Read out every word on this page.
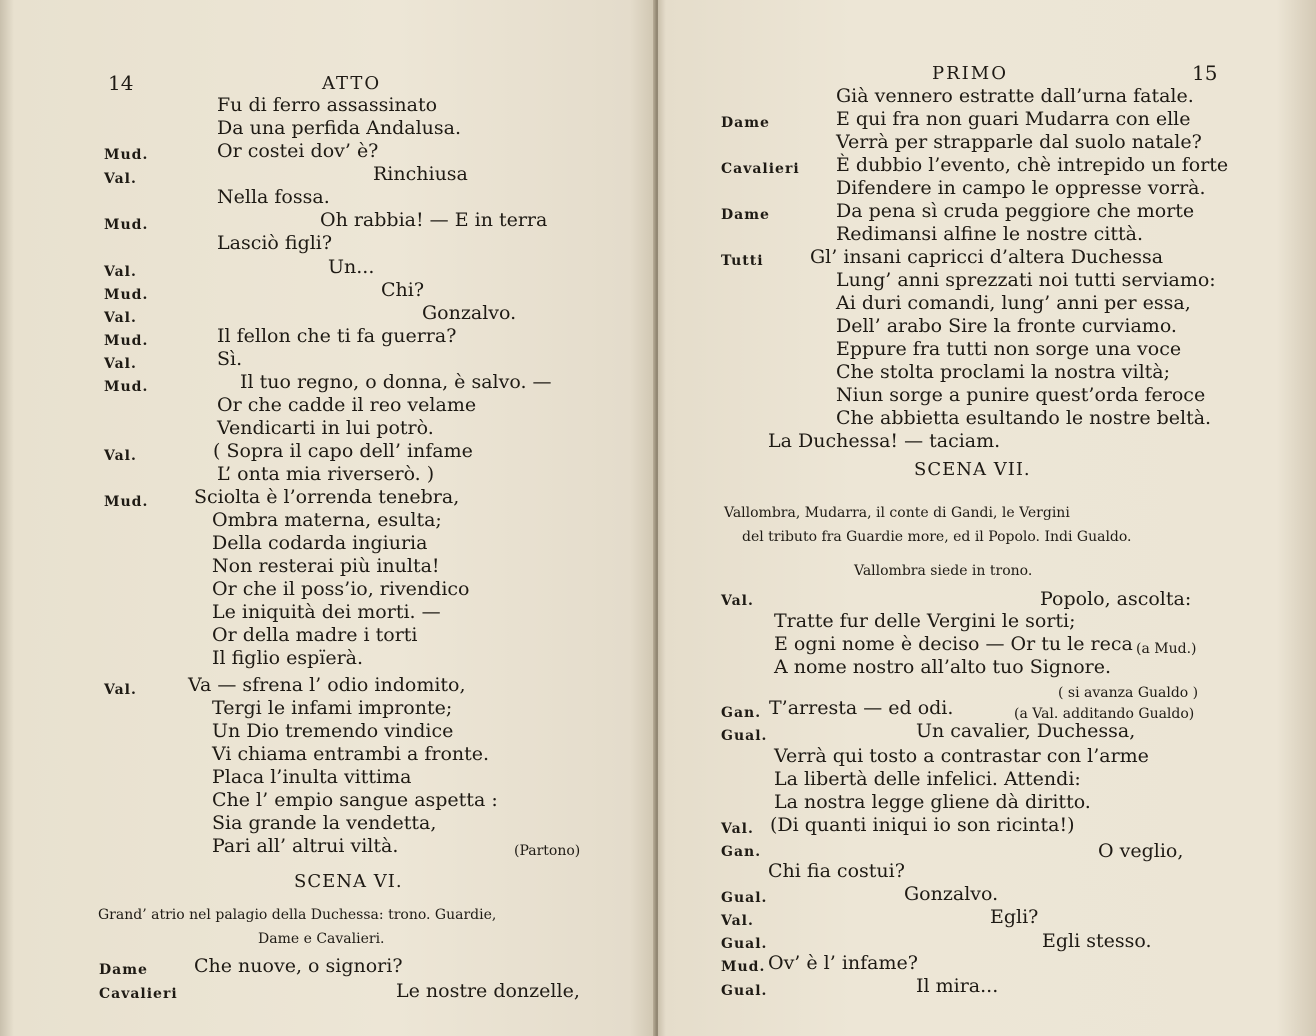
14	ATTO
Fu di ferro assassinato
Da una perfida Andalusa.
Mud.	Or costei dov’ è?
Val.	Rinchiusa
Nella fossa.
Mud.	Oh rabbia! — E in terra
Lasciò figli?
Val.	Un...
Mud.	Chi?
Val.	Gonzalvo.
Mud.	Il fellon che ti fa guerra?
Val.	Sì.
Mud.	Il tuo regno, o donna, è salvo. —
Or che cadde il reo velame
Vendicarti in lui potrò.
Val.	( Sopra il capo dell’ infame
L’ onta mia riverserò. )
Mud. Sciolta è l’orrenda tenebra,
Ombra materna, esulta;
Della codarda ingiuria
Non resterai più inulta!
Or che il poss’io, rivendico
Le iniquità dei morti. —
Or della madre i torti
Il figlio espïerà.
Val.	Va — sfrena l’ odio indomito,
Tergi le infami impronte;
Un Dio tremendo vindice
Vi chiama entrambi a fronte.
Placa l’inulta vittima
Che l’ empio sangue aspetta :
Sia grande la vendetta,
Pari all’ altrui viltà.	(Partono)
SCENA VI.
Grand’ atrio nel palagio della Duchessa: trono. Guardie,
Dame e Cavalieri.
Dame Che nuove, o signori?
Cavalieri	Le nostre donzelle,
PRIMO	15
Già vennero estratte dall’urna fatale.
Dame	E qui fra non guari Mudarra con elle
Verrà per strapparle dal suolo natale?
Cavalieri È dubbio l’evento, chè intrepido un forte
Difendere in campo le oppresse vorrà.
Dame	Da pena sì cruda peggiore che morte
Redimansi alfine le nostre città.
Tutti Gl’ insani capricci d’altera Duchessa
Lung’ anni sprezzati noi tutti serviamo:
Ai duri comandi, lung’ anni per essa,
Dell’ arabo Sire la fronte curviamo.
Eppure fra tutti non sorge una voce
Che stolta proclami la nostra viltà;
Niun sorge a punire quest’orda feroce
Che abbietta esultando le nostre beltà.
La Duchessa! — taciam.
SCENA VII.
Vallombra, Mudarra, il conte di Gandi, le Vergini
del tributo fra Guardie more, ed il Popolo. Indi Gualdo.
Vallombra siede in trono.
Val.	Popolo, ascolta:
Tratte fur delle Vergini le sorti;
E ogni nome è deciso — Or tu le reca (a Mud.)
A nome nostro all’alto tuo Signore.
( si avanza Gualdo )
Gan. T’arresta — ed odi.	(a Val. additando Gualdo)
Gual.	Un cavalier, Duchessa,
Verrà qui tosto a contrastar con l’arme
La libertà delle infelici. Attendi:
La nostra legge gliene dà diritto.
Val. (Di quanti iniqui io son ricinta!)
Gan.	O veglio,
Chi fia costui?
Gual.	Gonzalvo.
Val.	Egli?
Gual.	Egli stesso.
Mud. Ov’ è l’ infame?
Gual.	Il mira...
